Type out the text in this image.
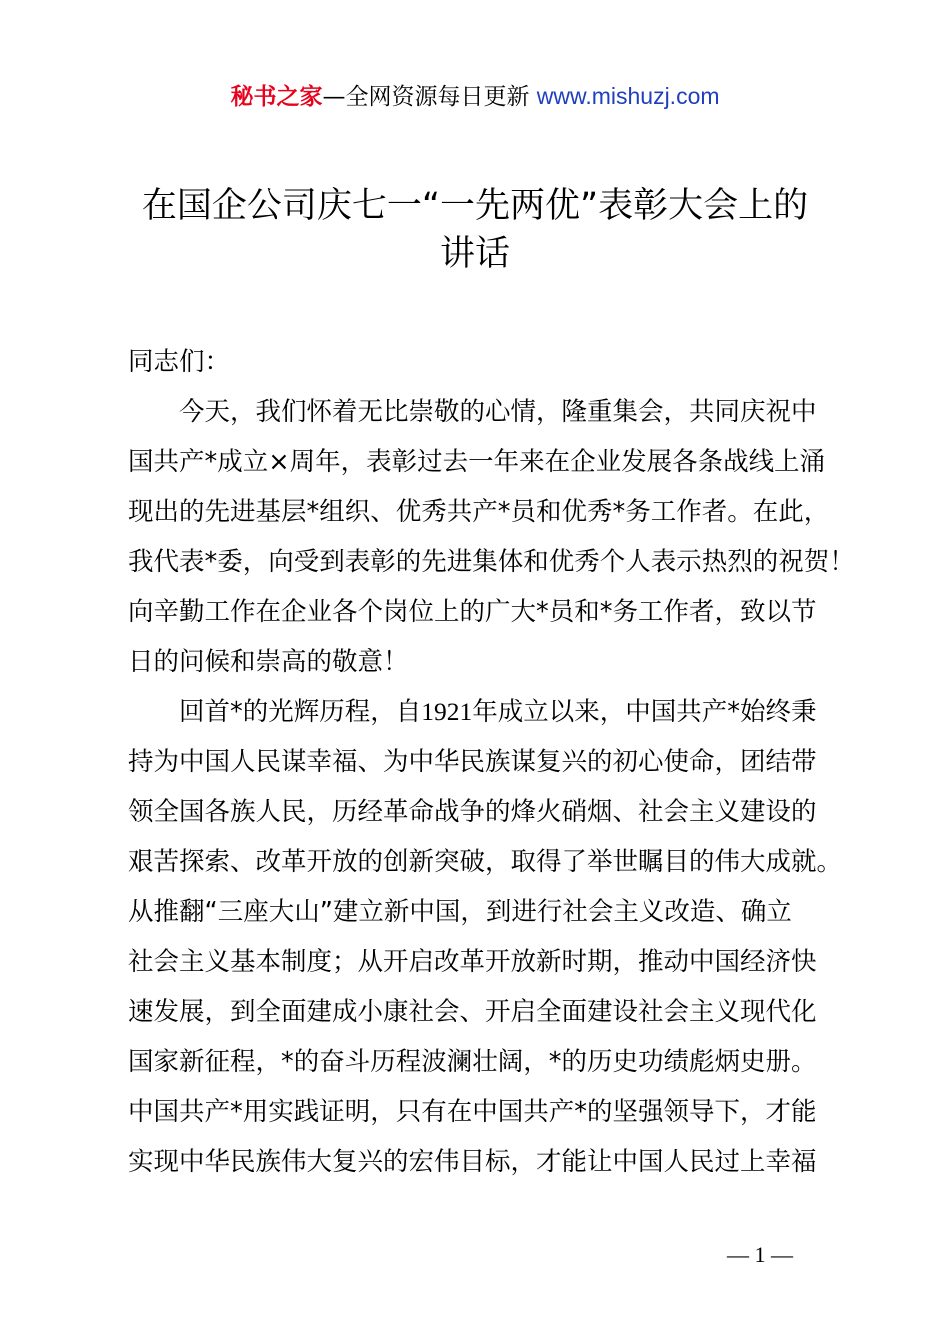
秘书之家—全网资源每日更新 www.mishuzj.com
在国企公司庆七一“一先两优”表彰大会上的
讲话
同志们：
今天，我们怀着无比崇敬的心情，隆重集会，共同庆祝中
国共产*成立×周年，表彰过去一年来在企业发展各条战线上涌
现出的先进基层*组织、优秀共产*员和优秀*务工作者。在此，
我代表*委，向受到表彰的先进集体和优秀个人表示热烈的祝贺！
向辛勤工作在企业各个岗位上的广大*员和*务工作者，致以节
日的问候和崇高的敬意！
回首*的光辉历程，自1921年成立以来，中国共产*始终秉
持为中国人民谋幸福、为中华民族谋复兴的初心使命，团结带
领全国各族人民，历经革命战争的烽火硝烟、社会主义建设的
艰苦探索、改革开放的创新突破，取得了举世瞩目的伟大成就。
从推翻“三座大山”建立新中国，到进行社会主义改造、确立
社会主义基本制度；从开启改革开放新时期，推动中国经济快
速发展，到全面建成小康社会、开启全面建设社会主义现代化
国家新征程，*的奋斗历程波澜壮阔，*的历史功绩彪炳史册。
中国共产*用实践证明，只有在中国共产*的坚强领导下，才能
实现中华民族伟大复兴的宏伟目标，才能让中国人民过上幸福
— 1 —
